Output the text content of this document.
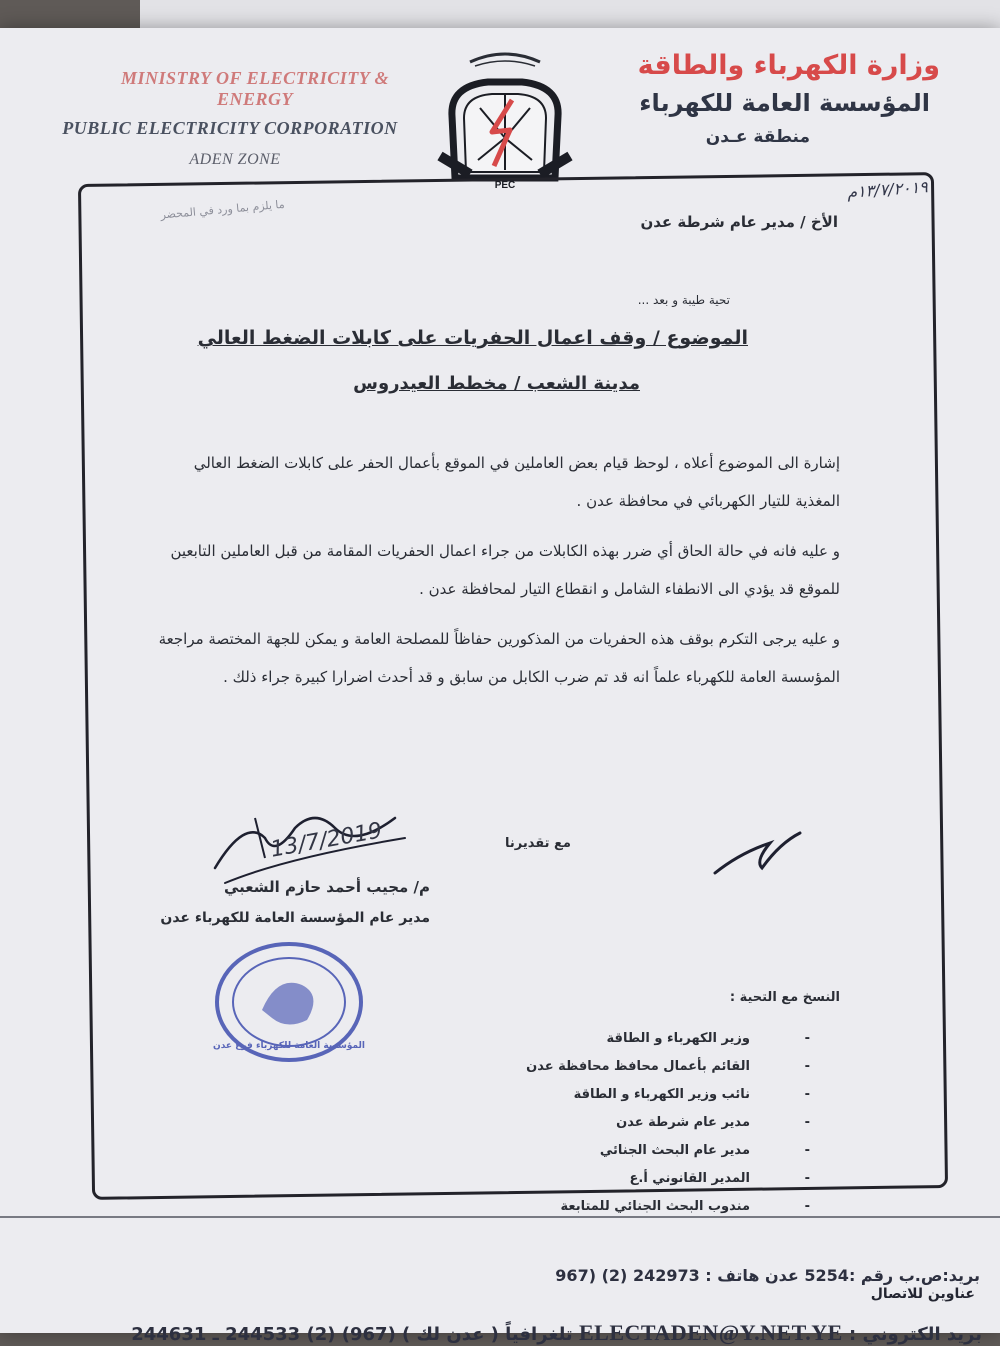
MINISTRY OF ELECTRICITY & ENERGY
PUBLIC ELECTRICITY CORPORATION
ADEN ZONE
PEC
وزارة الكهرباء والطاقة
المؤسسة العامة للكهرباء
منطقة عـدن
١٣/٧/٢٠١٩م
ما يلزم بما ورد في المحضر
الأخ / مدير عام شرطة عدن
تحية طيبة و بعد ...
الموضوع / وقف اعمال الحفريات على كابلات الضغط العالي
مدينة الشعب / مخطط العيدروس

إشارة الى الموضوع أعلاه ، لوحظ قيام بعض العاملين في الموقع بأعمال الحفر على كابلات الضغط العالي المغذية للتيار الكهربائي في محافظة عدن .

و عليه فانه في حالة الحاق أي ضرر بهذه الكابلات من جراء اعمال الحفريات المقامة من قبل العاملين التابعين للموقع قد يؤدي الى الانطفاء الشامل و انقطاع التيار لمحافظة عدن .

و عليه يرجى التكرم بوقف هذه الحفريات من المذكورين حفاظاً للمصلحة العامة و يمكن للجهة المختصة مراجعة المؤسسة العامة للكهرباء علماً انه قد تم ضرب الكابل من سابق و قد أحدث اضرارا كبيرة جراء ذلك .

مع تقديرنا
13/7/2019
م/ مجيب أحمد حازم الشعبي
مدير عام المؤسسة العامة للكهرباء عدن
المؤسسة العامة للكهرباء فرع عدن
النسخ مع التحية :
- وزير الكهرباء و الطاقة
- القائم بأعمال محافظ محافظة عدن
- نائب وزير الكهرباء و الطاقة
- مدير عام شرطة عدن
- مدير عام البحث الجنائي
- المدير القانوني أ.ع
- مندوب البحث الجنائي للمتابعة
بريد:ص.ب رقم :5254 عدن هاتف : 242973 (2) (967
عناوين للاتصال
بريد الكتروني : ELECTADEN@Y.NET.YE تلغرافياً ( عدن لك ) (967) (2) 244533 ـ 244631
